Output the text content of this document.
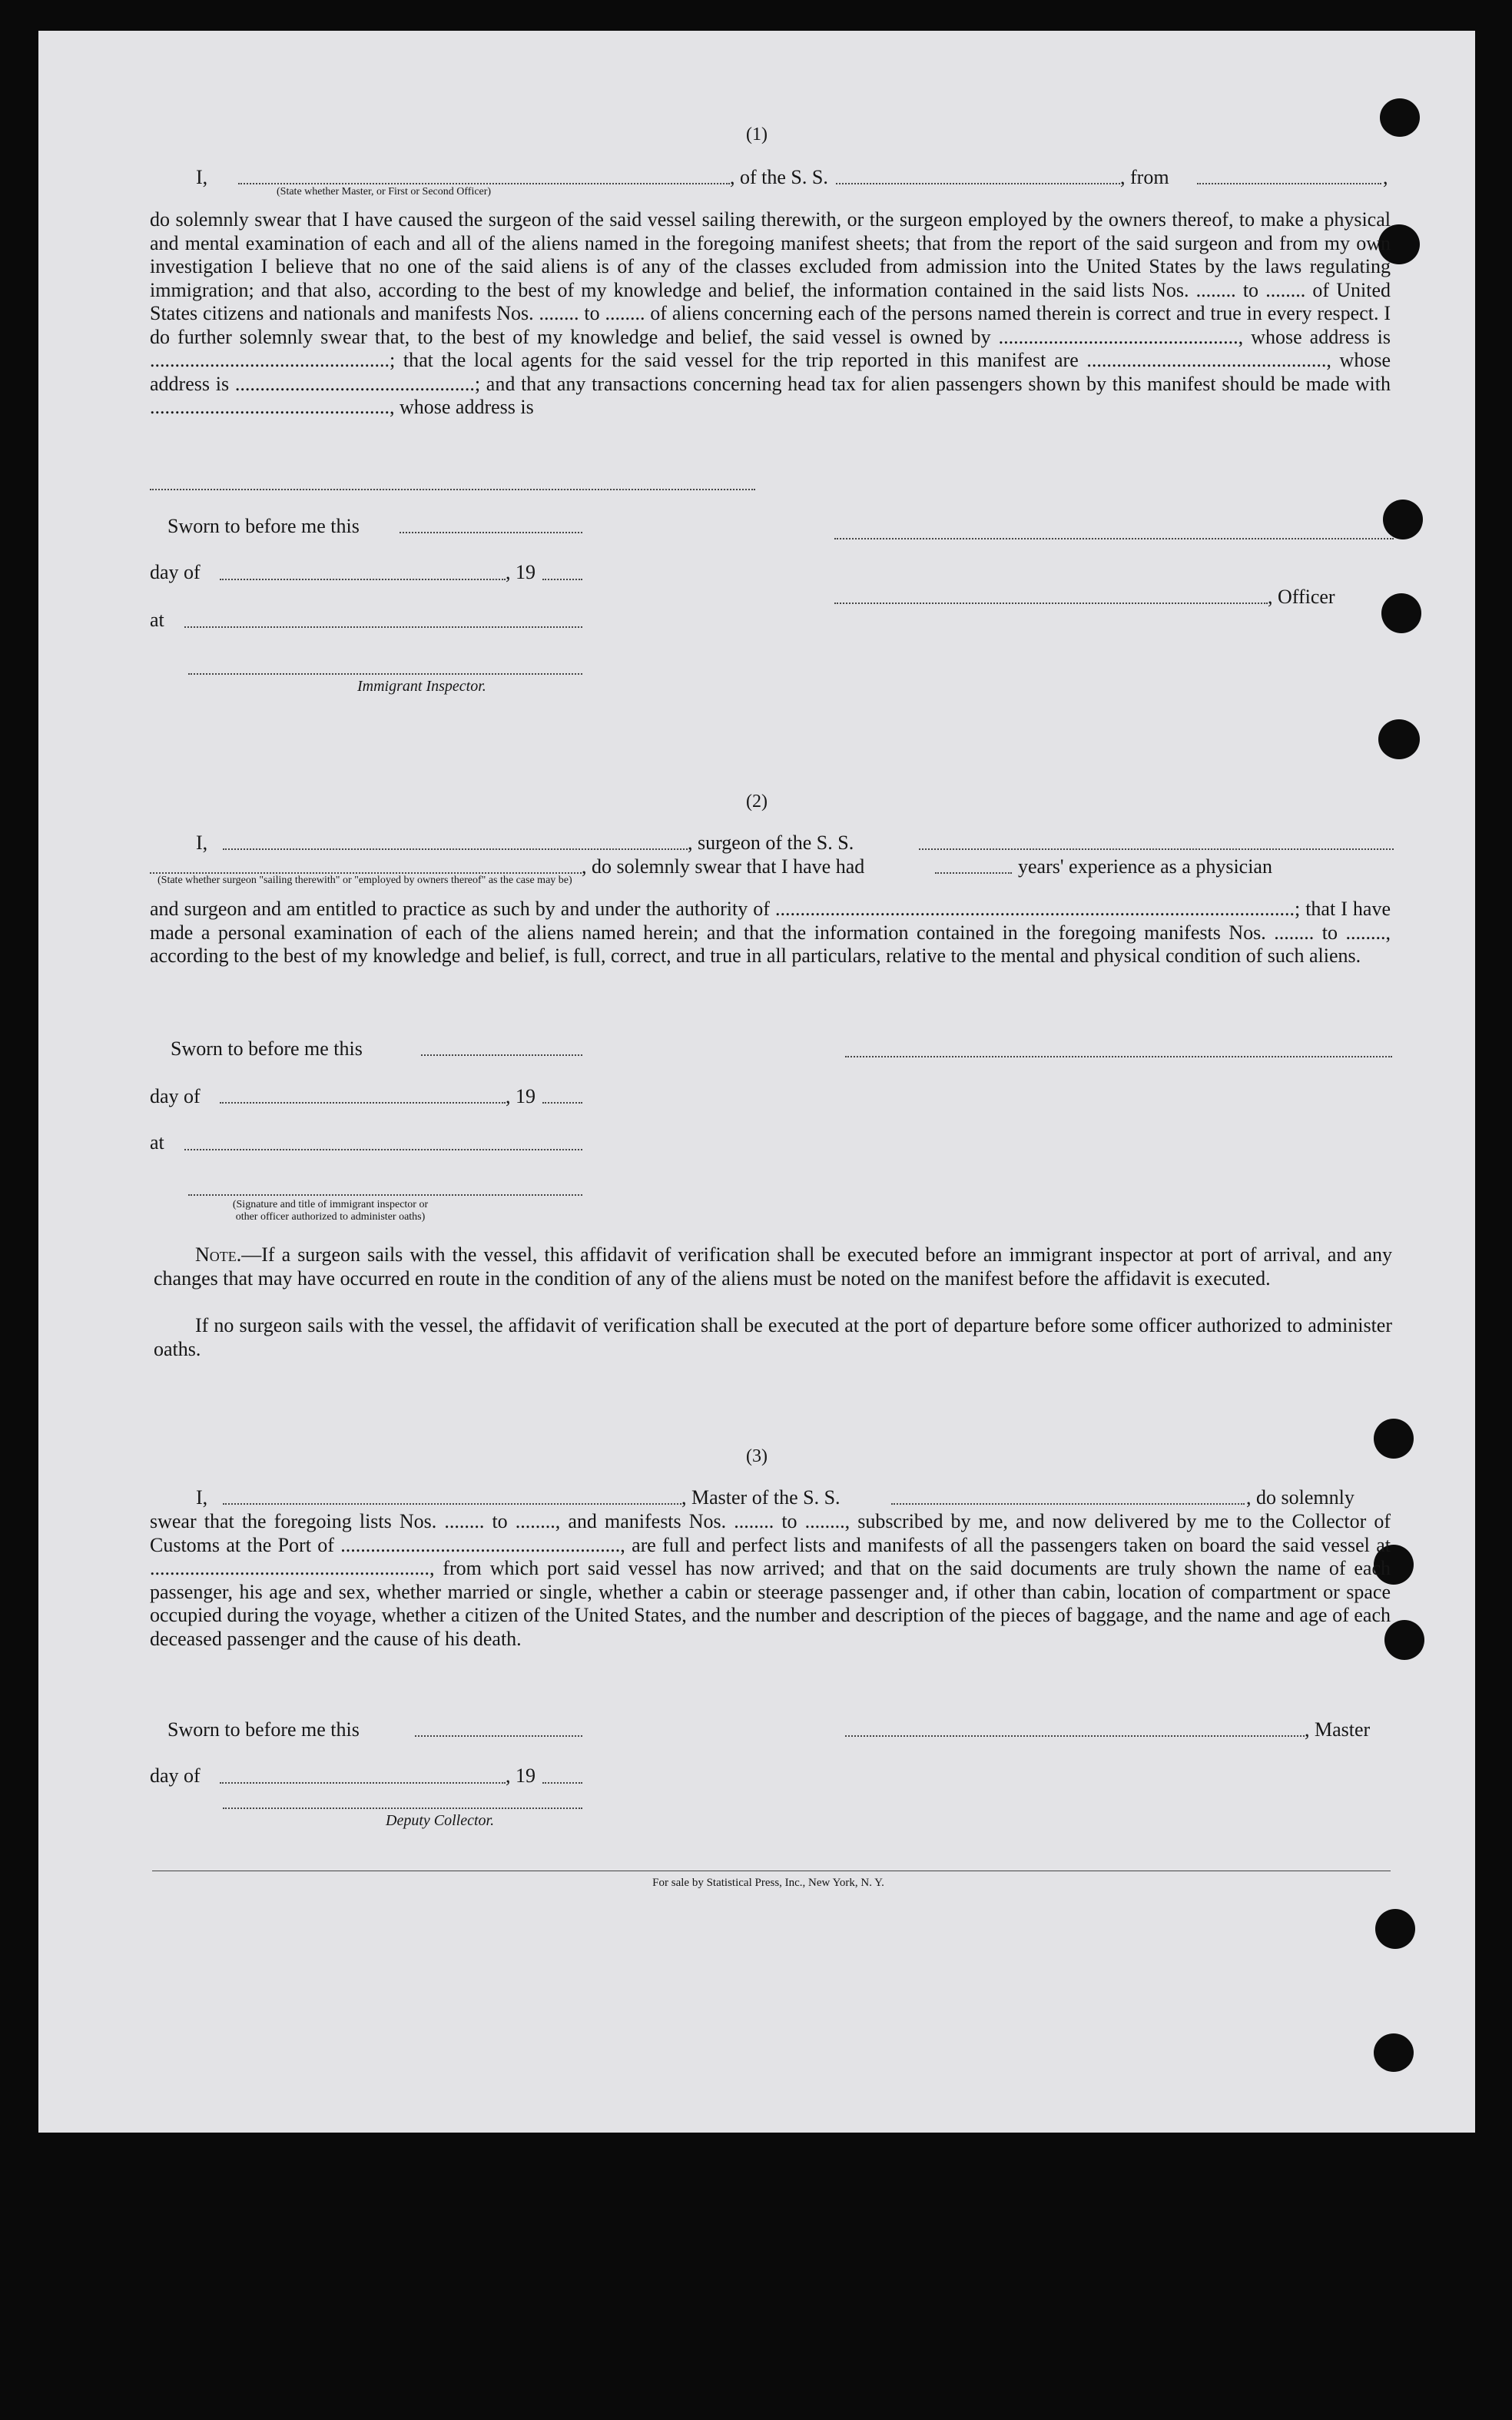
(1)
I,	, of the S. S.	, from	,
(State whether Master, or First or Second Officer)
do solemnly swear that I have caused the surgeon of the said vessel sailing therewith, or the surgeon employed by the owners thereof, to make a physical and mental examination of each and all of the aliens named in the foregoing manifest sheets; that from the report of the said surgeon and from my own investigation I believe that no one of the said aliens is of any of the classes excluded from admission into the United States by the laws regulating immigration; and that also, according to the best of my knowledge and belief, the information contained in the said lists Nos. ........ to ........ of United States citizens and nationals and manifests Nos. ........ to ........ of aliens concerning each of the persons named therein is correct and true in every respect. I do further solemnly swear that, to the best of my knowledge and belief, the said vessel is owned by ................................................, whose address is ................................................; that the local agents for the said vessel for the trip reported in this manifest are ................................................, whose address is ................................................; and that any transactions concerning head tax for alien passengers shown by this manifest should be made with ................................................, whose address is
Sworn to before me this
day of	, 19
, Officer
at
Immigrant Inspector.
(2)
I,	, surgeon of the S. S.
, do solemnly swear that I have had	years' experience as a physician
(State whether surgeon "sailing therewith" or "employed by owners thereof" as the case may be)
and surgeon and am entitled to practice as such by and under the authority of ........................................................................................................; that I have made a personal examination of each of the aliens named herein; and that the information contained in the foregoing manifests Nos. ........ to ........, according to the best of my knowledge and belief, is full, correct, and true in all particulars, relative to the mental and physical condition of such aliens.
Sworn to before me this
day of	, 19
at
(Signature and title of immigrant inspector or
other officer authorized to administer oaths)
Note.—If a surgeon sails with the vessel, this affidavit of verification shall be executed before an immigrant inspector at port of arrival, and any changes that may have occurred en route in the condition of any of the aliens must be noted on the manifest before the affidavit is executed.
If no surgeon sails with the vessel, the affidavit of verification shall be executed at the port of departure before some officer authorized to administer oaths.
(3)
I,	, Master of the S. S.	, do solemnly
swear that the foregoing lists Nos. ........ to ........, and manifests Nos. ........ to ........, subscribed by me, and now delivered by me to the Collector of Customs at the Port of ........................................................, are full and perfect lists and manifests of all the passengers taken on board the said vessel at ........................................................, from which port said vessel has now arrived; and that on the said documents are truly shown the name of each passenger, his age and sex, whether married or single, whether a cabin or steerage passenger and, if other than cabin, location of compartment or space occupied during the voyage, whether a citizen of the United States, and the number and description of the pieces of baggage, and the name and age of each deceased passenger and the cause of his death.
Sworn to before me this	, Master
day of	, 19
Deputy Collector.
For sale by Statistical Press, Inc., New York, N. Y.
